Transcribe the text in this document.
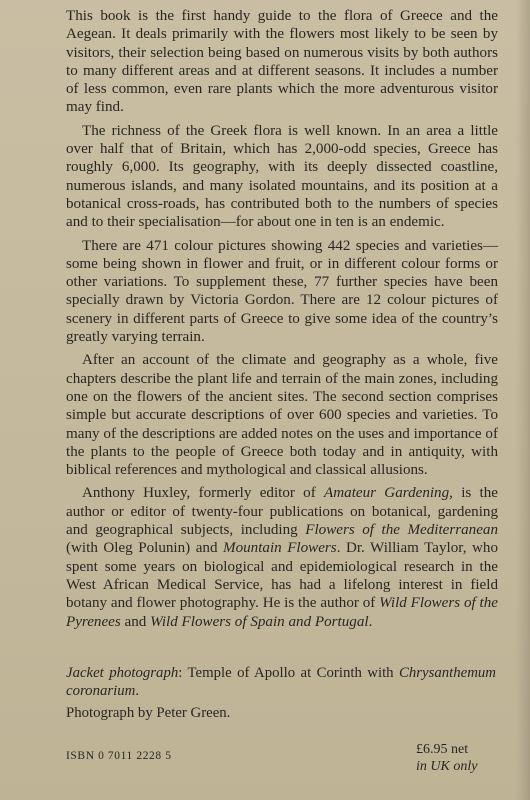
This book is the first handy guide to the flora of Greece and the Aegean. It deals primarily with the flowers most likely to be seen by visitors, their selection being based on numerous visits by both authors to many different areas and at different seasons. It includes a number of less common, even rare plants which the more adventurous visitor may find.

The richness of the Greek flora is well known. In an area a little over half that of Britain, which has 2,000-odd species, Greece has roughly 6,000. Its geography, with its deeply dissected coastline, numerous islands, and many isolated mountains, and its position at a botanical cross-roads, has contributed both to the numbers of species and to their specialisation—for about one in ten is an endemic.

There are 471 colour pictures showing 442 species and varieties—some being shown in flower and fruit, or in different colour forms or other variations. To supplement these, 77 further species have been specially drawn by Victoria Gordon. There are 12 colour pictures of scenery in different parts of Greece to give some idea of the country’s greatly varying terrain.

After an account of the climate and geography as a whole, five chapters describe the plant life and terrain of the main zones, including one on the flowers of the ancient sites. The second section comprises simple but accurate descriptions of over 600 species and varieties. To many of the descriptions are added notes on the uses and importance of the plants to the people of Greece both today and in antiquity, with biblical references and mythological and classical allusions.

Anthony Huxley, formerly editor of Amateur Gardening, is the author or editor of twenty-four publications on botanical, gardening and geographical subjects, including Flowers of the Mediterranean (with Oleg Polunin) and Mountain Flowers. Dr. William Taylor, who spent some years on biological and epidemiological research in the West African Medical Service, has had a lifelong interest in field botany and flower photography. He is the author of Wild Flowers of the Pyrenees and Wild Flowers of Spain and Portugal.

Jacket photograph: Temple of Apollo at Corinth with Chrysanthemum coronarium.

Photograph by Peter Green.

ISBN 0 7011 2228 5	£6.95 net
in UK only
